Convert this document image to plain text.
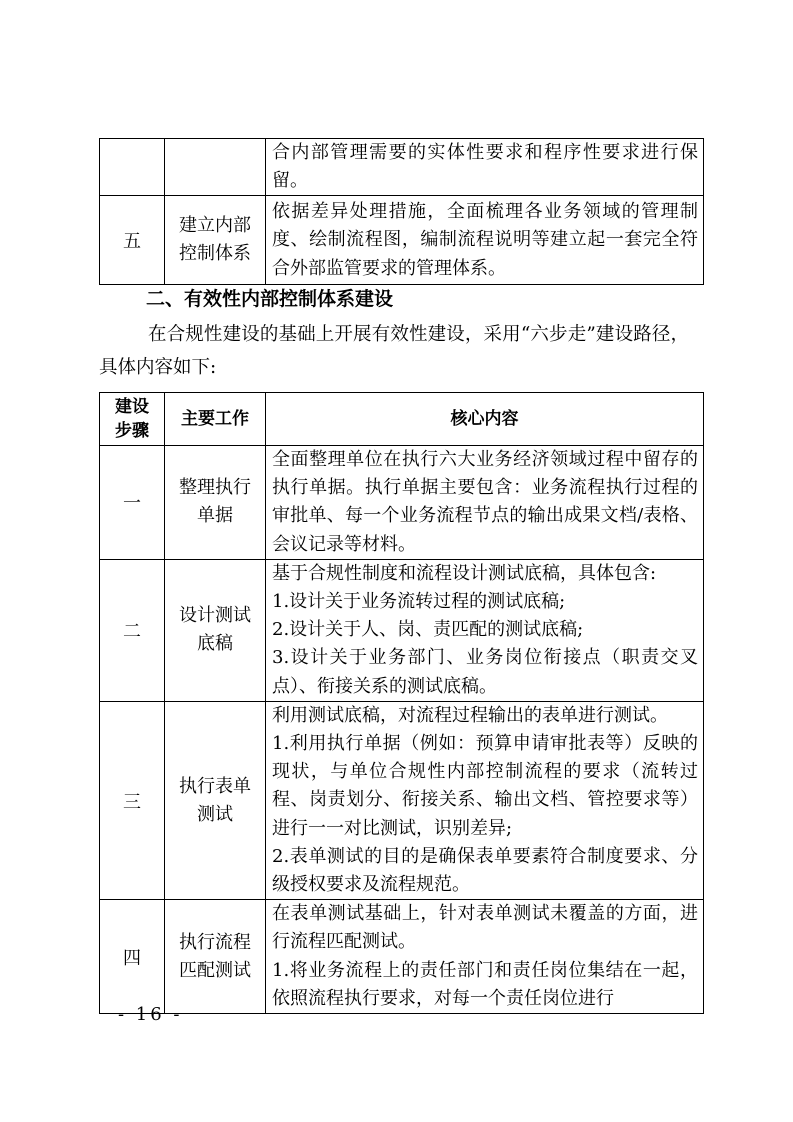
		合内部管理需要的实体性要求和程序性要求进行保留。
五	建立内部控制体系	依据差异处理措施，全面梳理各业务领域的管理制度、绘制流程图，编制流程说明等建立起一套完全符合外部监管要求的管理体系。

二、有效性内部控制体系建设

在合规性建设的基础上开展有效性建设，采用“六步走”建设路径，具体内容如下:

建设步骤	主要工作	核心内容
一	整理执行单据	全面整理单位在执行六大业务经济领域过程中留存的执行单据。执行单据主要包含：业务流程执行过程的审批单、每一个业务流程节点的输出成果文档/表格、会议记录等材料。
二	设计测试底稿	基于合规性制度和流程设计测试底稿，具体包含:
1.设计关于业务流转过程的测试底稿;
2.设计关于人、岗、责匹配的测试底稿;
3.设计关于业务部门、业务岗位衔接点（职责交叉点）、衔接关系的测试底稿。
三	执行表单测试	利用测试底稿，对流程过程输出的表单进行测试。
1.利用执行单据（例如：预算申请审批表等）反映的现状，与单位合规性内部控制流程的要求（流转过程、岗责划分、衔接关系、输出文档、管控要求等）进行一一对比测试，识别差异;
2.表单测试的目的是确保表单要素符合制度要求、分级授权要求及流程规范。
四	执行流程匹配测试	在表单测试基础上，针对表单测试未覆盖的方面，进行流程匹配测试。
1.将业务流程上的责任部门和责任岗位集结在一起，依照流程执行要求，对每一个责任岗位进行

- 16 -
